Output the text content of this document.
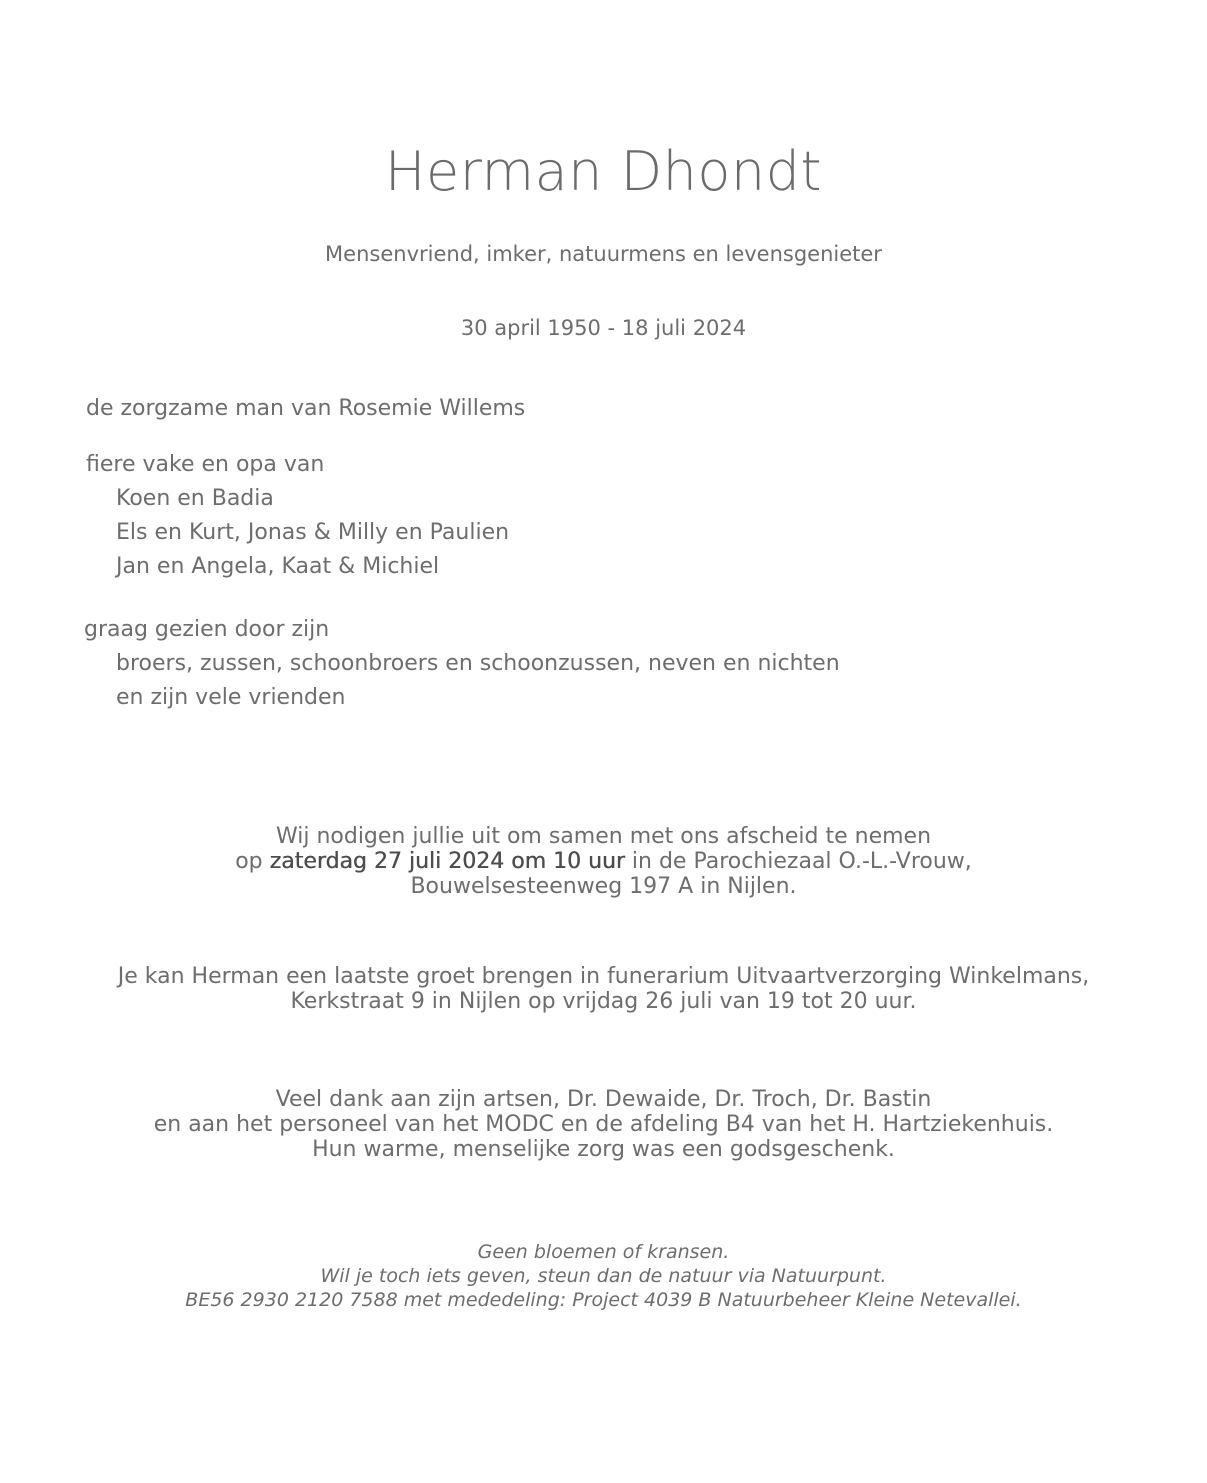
Herman Dhondt
Mensenvriend, imker, natuurmens en levensgenieter
30 april 1950 - 18 juli 2024
de zorgzame man van Rosemie Willems
fiere vake en opa van
Koen en Badia
Els en Kurt, Jonas & Milly en Paulien
Jan en Angela, Kaat & Michiel
graag gezien door zijn
broers, zussen, schoonbroers en schoonzussen, neven en nichten
en zijn vele vrienden
Wij nodigen jullie uit om samen met ons afscheid te nemen
op zaterdag 27 juli 2024 om 10 uur in de Parochiezaal O.-L.-Vrouw,
Bouwelsesteenweg 197 A in Nijlen.
Je kan Herman een laatste groet brengen in funerarium Uitvaartverzorging Winkelmans,
Kerkstraat 9 in Nijlen op vrijdag 26 juli van 19 tot 20 uur.
Veel dank aan zijn artsen, Dr. Dewaide, Dr. Troch, Dr. Bastin
en aan het personeel van het MODC en de afdeling B4 van het H. Hartziekenhuis.
Hun warme, menselijke zorg was een godsgeschenk.
Geen bloemen of kransen.
Wil je toch iets geven, steun dan de natuur via Natuurpunt.
BE56 2930 2120 7588 met mededeling: Project 4039 B Natuurbeheer Kleine Netevallei.
